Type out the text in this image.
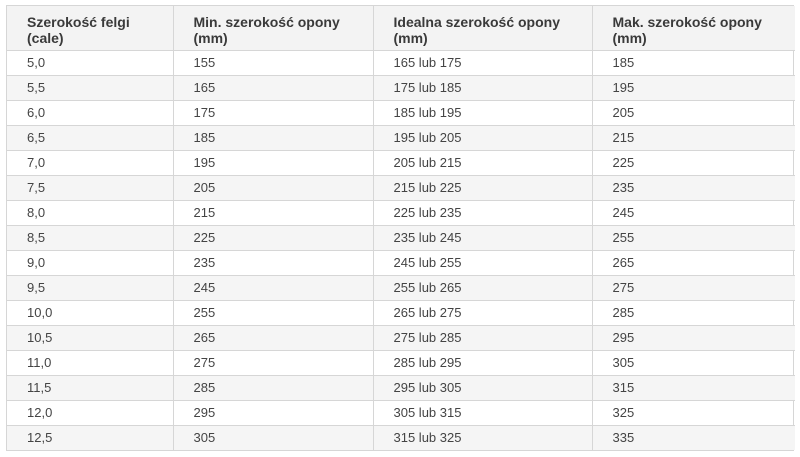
Szerokość felgi (cale)	Min. szerokość opony (mm)	Idealna szerokość opony (mm)	Mak. szerokość opony (mm)
5,0	155	165 lub 175	185
5,5	165	175 lub 185	195
6,0	175	185 lub 195	205
6,5	185	195 lub 205	215
7,0	195	205 lub 215	225
7,5	205	215 lub 225	235
8,0	215	225 lub 235	245
8,5	225	235 lub 245	255
9,0	235	245 lub 255	265
9,5	245	255 lub 265	275
10,0	255	265 lub 275	285
10,5	265	275 lub 285	295
11,0	275	285 lub 295	305
11,5	285	295 lub 305	315
12,0	295	305 lub 315	325
12,5	305	315 lub 325	335
